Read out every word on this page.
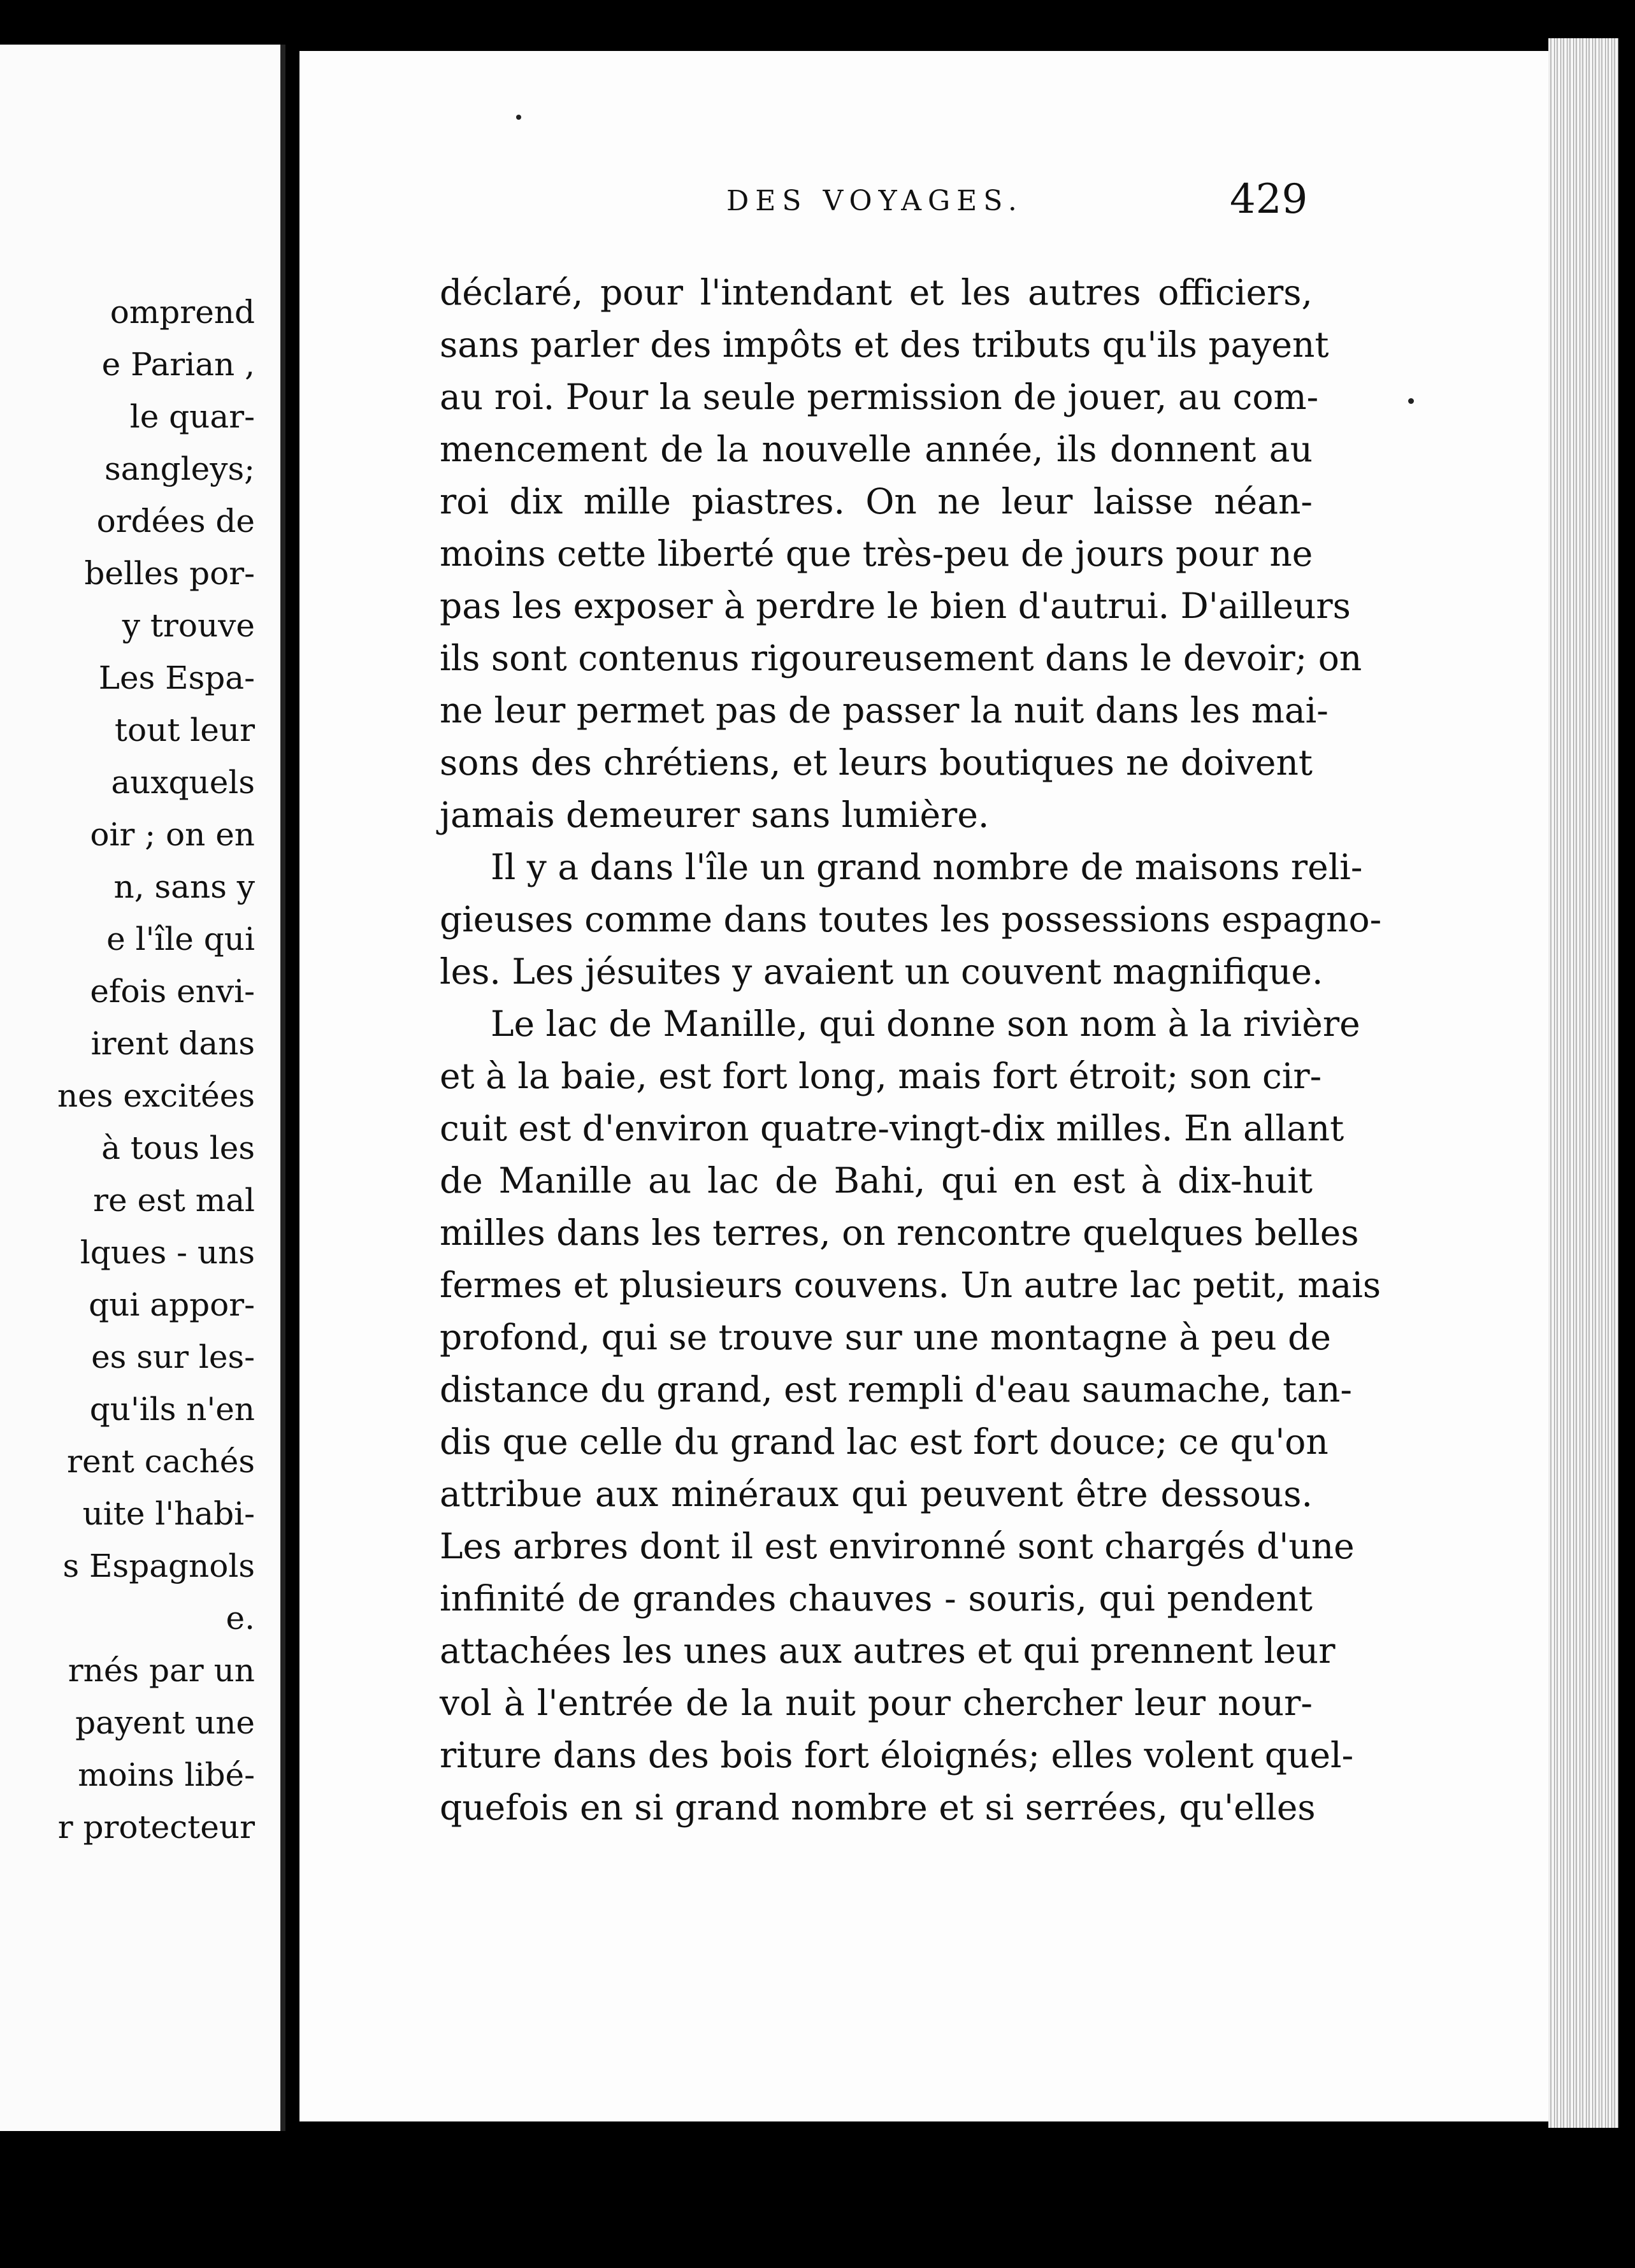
omprend
e Parian ,
le quar-
sangleys;
ordées de
belles por-
y trouve
Les Espa-
tout leur
auxquels
oir ; on en
n, sans y
e l'île qui
efois envi-
irent dans
nes excitées
à tous les
re est mal
lques - uns
qui appor-
es sur les-
qu'ils n'en
rent cachés
uite l'habi-
s Espagnols
e.
rnés par un
payent une
moins libé-
r protecteur
DES VOYAGES.	429
déclaré, pour l'intendant et les autres officiers,
sans parler des impôts et des tributs qu'ils payent
au roi. Pour la seule permission de jouer, au com-
mencement de la nouvelle année, ils donnent au
roi dix mille piastres. On ne leur laisse néan-
moins cette liberté que très-peu de jours pour ne
pas les exposer à perdre le bien d'autrui. D'ailleurs
ils sont contenus rigoureusement dans le devoir; on
ne leur permet pas de passer la nuit dans les mai-
sons des chrétiens, et leurs boutiques ne doivent
jamais demeurer sans lumière.
Il y a dans l'île un grand nombre de maisons reli-
gieuses comme dans toutes les possessions espagno-
les. Les jésuites y avaient un couvent magnifique.
Le lac de Manille, qui donne son nom à la rivière
et à la baie, est fort long, mais fort étroit; son cir-
cuit est d'environ quatre-vingt-dix milles. En allant
de Manille au lac de Bahi, qui en est à dix-huit
milles dans les terres, on rencontre quelques belles
fermes et plusieurs couvens. Un autre lac petit, mais
profond, qui se trouve sur une montagne à peu de
distance du grand, est rempli d'eau saumache, tan-
dis que celle du grand lac est fort douce; ce qu'on
attribue aux minéraux qui peuvent être dessous.
Les arbres dont il est environné sont chargés d'une
infinité de grandes chauves - souris, qui pendent
attachées les unes aux autres et qui prennent leur
vol à l'entrée de la nuit pour chercher leur nour-
riture dans des bois fort éloignés; elles volent quel-
quefois en si grand nombre et si serrées, qu'elles
